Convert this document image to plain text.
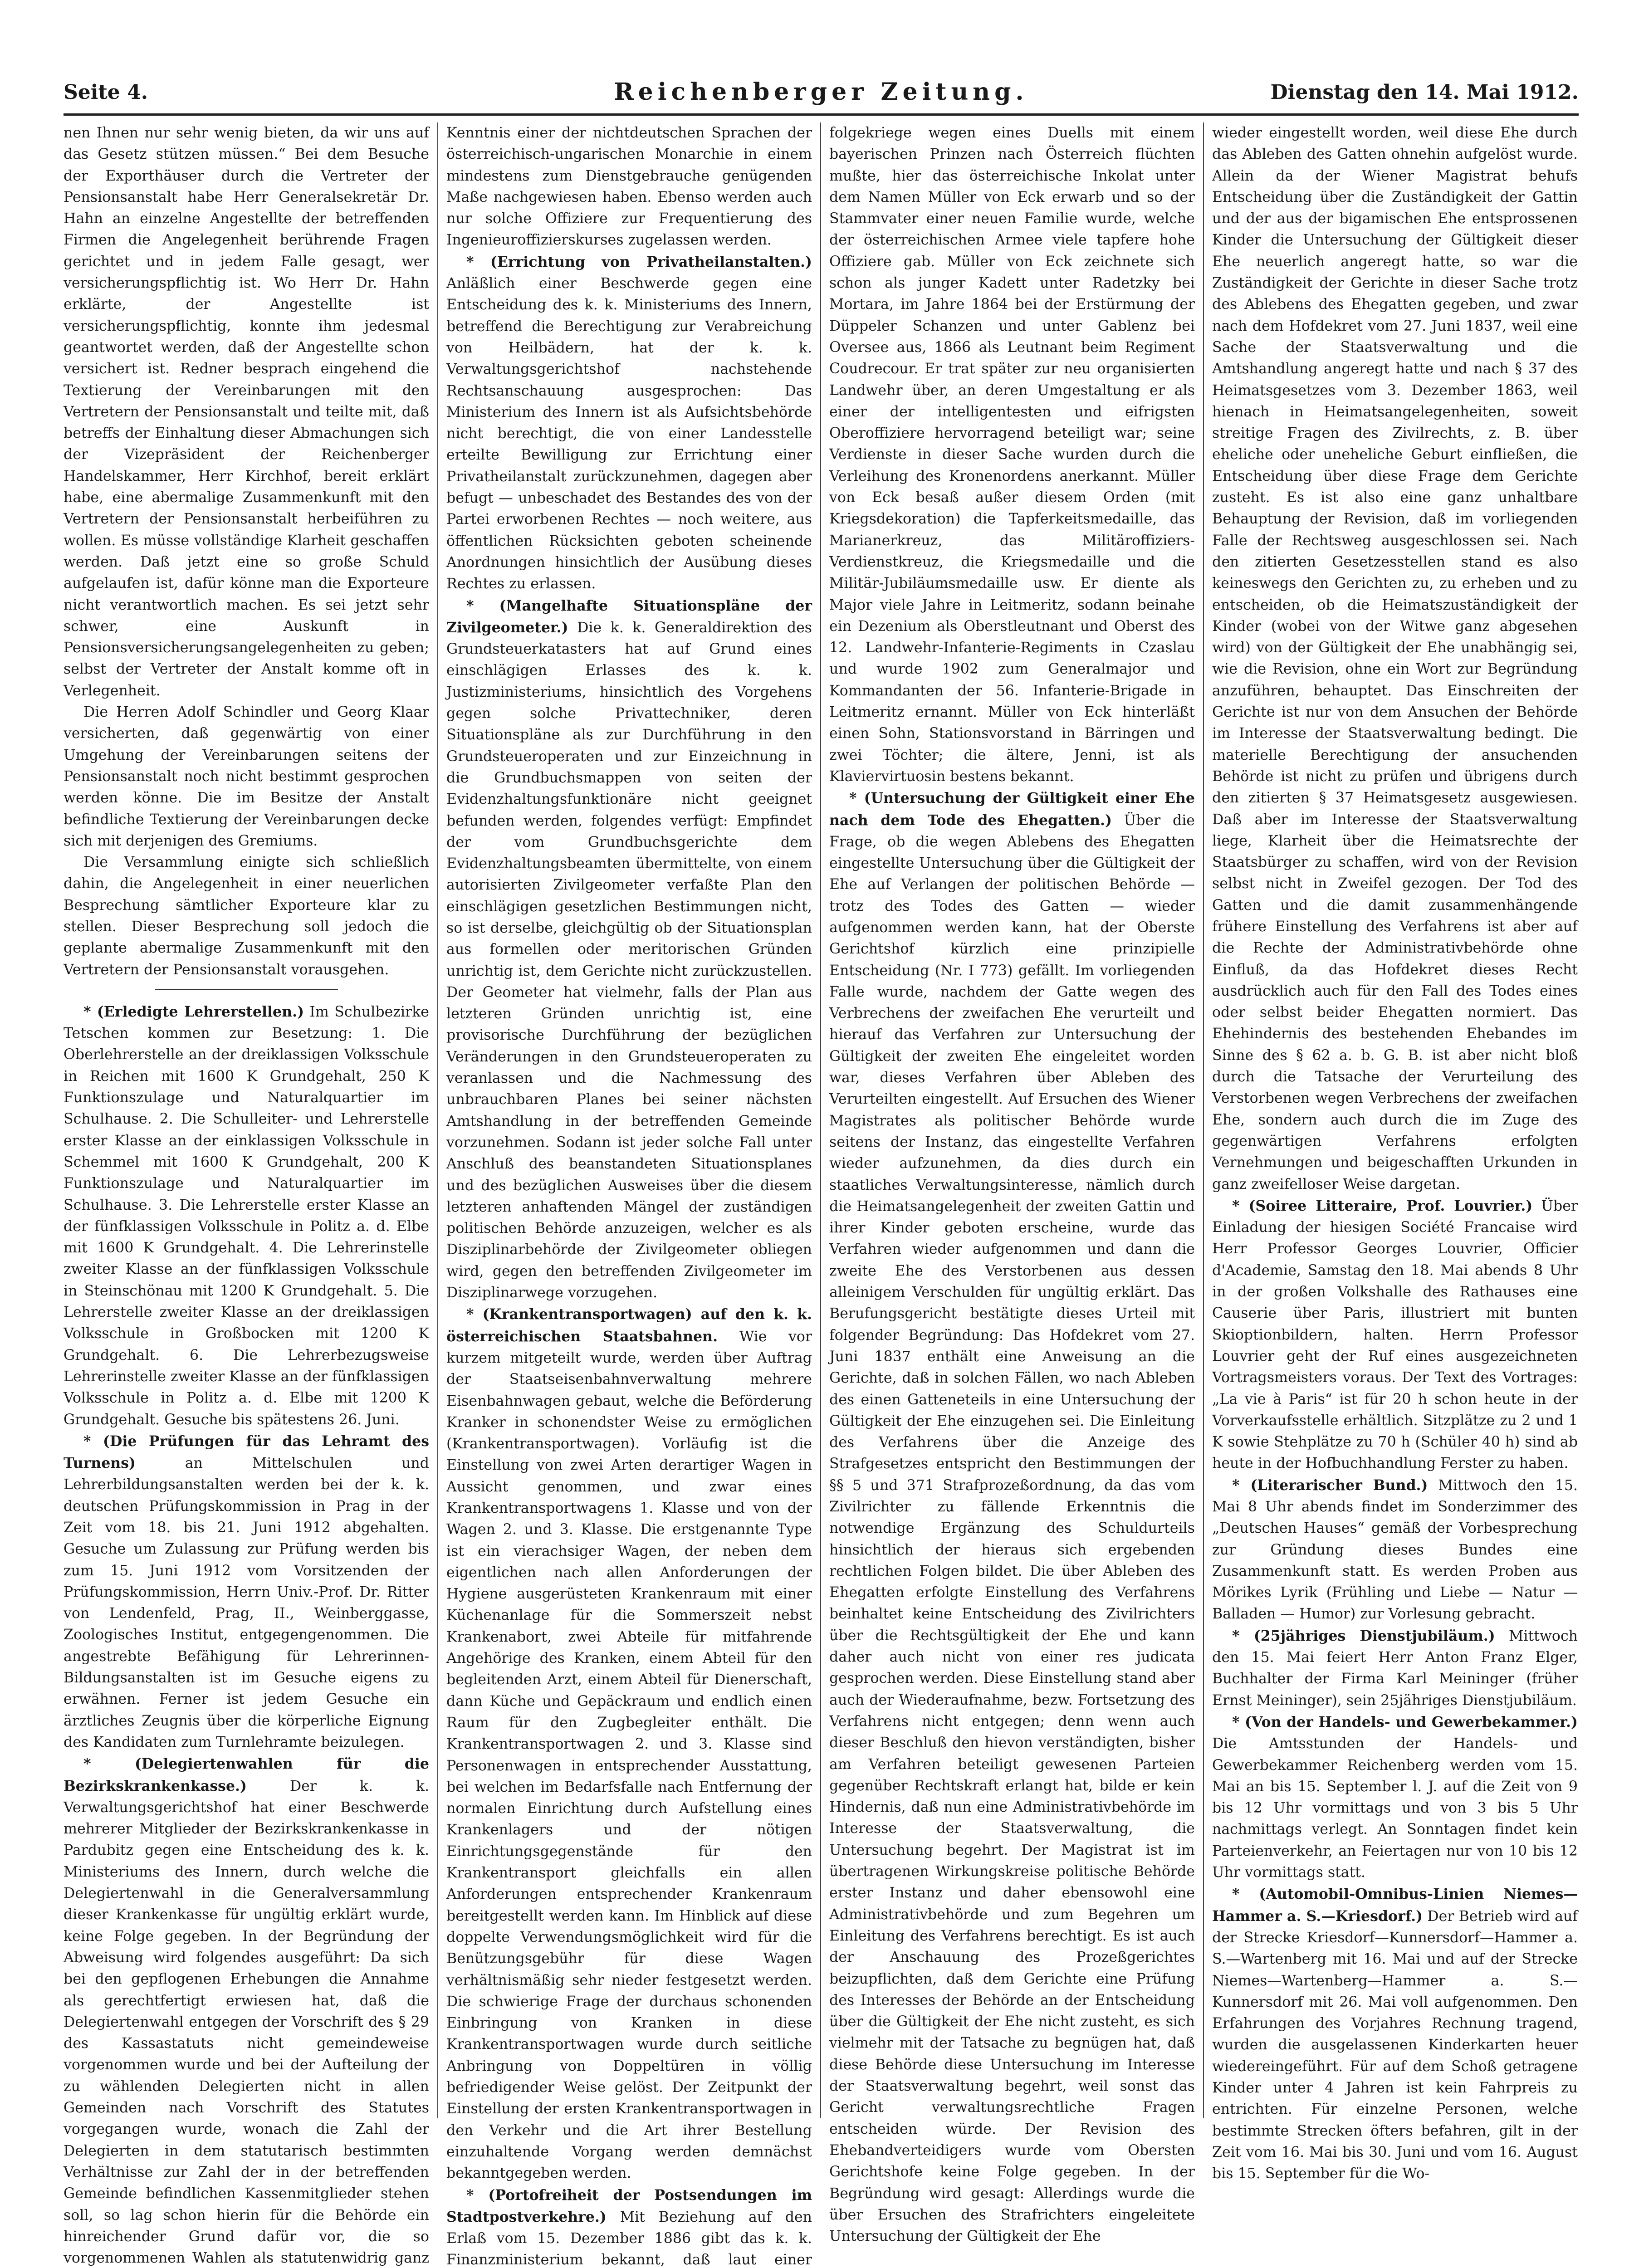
Reichenberger Zeitung.
Seite 4.	Dienstag den 14. Mai 1912.

nen Ihnen nur sehr wenig bieten, da wir uns auf das Gesetz stützen müssen.“ Bei dem Besuche der Exporthäuser durch die Vertreter der Pensionsanstalt habe Herr Generalsekretär Dr. Hahn an einzelne Angestellte der betreffenden Firmen die Angelegenheit berührende Fragen gerichtet und in jedem Falle gesagt, wer versicherungspflichtig ist. Wo Herr Dr. Hahn erklärte, der Angestellte ist versicherungspflichtig, konnte ihm jedesmal geantwortet werden, daß der Angestellte schon versichert ist. Redner besprach eingehend die Textierung der Vereinbarungen mit den Vertretern der Pensionsanstalt und teilte mit, daß betreffs der Einhaltung dieser Abmachungen sich der Vizepräsident der Reichenberger Handelskammer, Herr Kirchhof, bereit erklärt habe, eine abermalige Zusammenkunft mit den Vertretern der Pensionsanstalt herbeiführen zu wollen. Es müsse vollständige Klarheit geschaffen werden. Daß jetzt eine so große Schuld aufgelaufen ist, dafür könne man die Exporteure nicht verantwortlich machen. Es sei jetzt sehr schwer, eine Auskunft in Pensionsversicherungsangelegenheiten zu geben; selbst der Vertreter der Anstalt komme oft in Verlegenheit.

Die Herren Adolf Schindler und Georg Klaar versicherten, daß gegenwärtig von einer Umgehung der Vereinbarungen seitens der Pensionsanstalt noch nicht bestimmt gesprochen werden könne. Die im Besitze der Anstalt befindliche Textierung der Vereinbarungen decke sich mit derjenigen des Gremiums.

Die Versammlung einigte sich schließlich dahin, die Angelegenheit in einer neuerlichen Besprechung sämtlicher Exporteure klar zu stellen. Dieser Besprechung soll jedoch die geplante abermalige Zusammenkunft mit den Vertretern der Pensionsanstalt vorausgehen.

* (Erledigte Lehrerstellen.) Im Schulbezirke Tetschen kommen zur Besetzung: 1. Die Oberlehrerstelle an der dreiklassigen Volksschule in Reichen mit 1600 K Grundgehalt, 250 K Funktionszulage und Naturalquartier im Schulhause. 2. Die Schulleiter- und Lehrerstelle erster Klasse an der einklassigen Volksschule in Schemmel mit 1600 K Grundgehalt, 200 K Funktionszulage und Naturalquartier im Schulhause. 3. Die Lehrerstelle erster Klasse an der fünfklassigen Volksschule in Politz a. d. Elbe mit 1600 K Grundgehalt. 4. Die Lehrerinstelle zweiter Klasse an der fünfklassigen Volksschule in Steinschönau mit 1200 K Grundgehalt. 5. Die Lehrerstelle zweiter Klasse an der dreiklassigen Volksschule in Großbocken mit 1200 K Grundgehalt. 6. Die Lehrerbezugsweise Lehrerinstelle zweiter Klasse an der fünfklassigen Volksschule in Politz a. d. Elbe mit 1200 K Grundgehalt. Gesuche bis spätestens 26. Juni.

* (Die Prüfungen für das Lehramt des Turnens)	an Mittelschulen und Lehrerbildungsanstalten werden bei der k. k. deutschen Prüfungskommission in Prag in der Zeit vom 18. bis 21. Juni 1912 abgehalten. Gesuche um Zulassung zur Prüfung werden bis zum 15. Juni 1912 vom Vorsitzenden der Prüfungskommission, Herrn Univ.-Prof. Dr. Ritter von Lendenfeld, Prag, II., Weinberggasse, Zoologisches Institut, entgegengenommen. Die angestrebte Befähigung für Lehrerinnen-Bildungsanstalten ist im Gesuche eigens zu erwähnen. Ferner ist jedem Gesuche ein ärztliches Zeugnis über die körperliche Eignung des Kandidaten zum Turnlehramte beizulegen.

* (Delegiertenwahlen für die Bezirkskrankenkasse.)	Der k. k. Verwaltungsgerichtshof hat einer Beschwerde mehrerer Mitglieder der Bezirkskrankenkasse in Pardubitz gegen eine Entscheidung des k. k. Ministeriums des Innern, durch welche die Delegiertenwahl in die Generalversammlung dieser Krankenkasse für ungültig erklärt wurde, keine Folge gegeben. In der Begründung der Abweisung wird folgendes ausgeführt: Da sich bei den gepflogenen Erhebungen die Annahme als gerechtfertigt erwiesen hat, daß die Delegiertenwahl entgegen der Vorschrift des § 29 des Kassastatuts nicht gemeindeweise vorgenommen wurde und bei der Aufteilung der zu wählenden Delegierten nicht in allen Gemeinden nach Vorschrift des Statutes vorgegangen wurde, wonach die Zahl der Delegierten in dem statutarisch bestimmten Verhältnisse zur Zahl der in der betreffenden Gemeinde befindlichen Kassenmitglieder stehen soll, so lag schon hierin für die Behörde ein hinreichender Grund dafür vor, die so vorgenommenen Wahlen als statutenwidrig ganz

Kenntnis einer der nichtdeutschen Sprachen der österreichisch-ungarischen Monarchie in einem mindestens zum Dienstgebrauche genügenden Maße nachgewiesen haben. Ebenso werden auch nur solche Offiziere zur Frequentierung des Ingenieuroffizierskurses zugelassen werden.

* (Errichtung von Privatheilanstalten.) Anläßlich einer Beschwerde gegen eine Entscheidung des k. k. Ministeriums des Innern, betreffend die Berechtigung zur Verabreichung von Heilbädern, hat der k. k. Verwaltungsgerichtshof nachstehende Rechtsanschauung ausgesprochen: Das Ministerium des Innern ist als Aufsichtsbehörde nicht berechtigt, die von einer Landesstelle erteilte Bewilligung zur Errichtung einer Privatheilanstalt zurückzunehmen, dagegen aber befugt — unbeschadet des Bestandes des von der Partei erworbenen Rechtes — noch weitere, aus öffentlichen Rücksichten geboten scheinende Anordnungen hinsichtlich der Ausübung dieses Rechtes zu erlassen.

* (Mangelhafte Situationspläne der Zivilgeometer.) Die k. k. Generaldirektion des Grundsteuerkatasters hat auf Grund eines einschlägigen Erlasses des k. k. Justizministeriums, hinsichtlich des Vorgehens gegen solche Privattechniker, deren Situationspläne als zur Durchführung in den Grundsteueroperaten und zur Einzeichnung in die Grundbuchsmappen von seiten der Evidenzhaltungsfunktionäre nicht geeignet befunden werden, folgendes verfügt: Empfindet der vom Grundbuchsgerichte dem Evidenzhaltungsbeamten übermittelte, von einem autorisierten Zivilgeometer verfaßte Plan den einschlägigen gesetzlichen Bestimmungen nicht, so ist derselbe, gleichgültig ob der Situationsplan aus formellen oder meritorischen Gründen unrichtig ist, dem Gerichte nicht zurückzustellen. Der Geometer hat vielmehr, falls der Plan aus letzteren Gründen unrichtig ist, eine provisorische Durchführung der bezüglichen Veränderungen in den Grundsteueroperaten zu veranlassen und die Nachmessung des unbrauchbaren Planes bei seiner nächsten Amtshandlung in der betreffenden Gemeinde vorzunehmen. Sodann ist jeder solche Fall unter Anschluß des beanstandeten Situationsplanes und des bezüglichen Ausweises über die diesem letzteren anhaftenden Mängel der zuständigen politischen Behörde anzuzeigen, welcher es als Disziplinarbehörde der Zivilgeometer obliegen wird, gegen den betreffenden Zivilgeometer im Disziplinarwege vorzugehen.

* (Krankentransportwagen) auf den k. k. österreichischen Staatsbahnen. Wie vor kurzem mitgeteilt wurde, werden über Auftrag der Staatseisenbahnverwaltung mehrere Eisenbahnwagen gebaut, welche die Beförderung Kranker in schonendster Weise zu ermöglichen (Krankentransportwagen). Vorläufig ist die Einstellung von zwei Arten derartiger Wagen in Aussicht genommen, und zwar eines Krankentransportwagens 1. Klasse und von der Wagen 2. und 3. Klasse. Die erstgenannte Type ist ein vierachsiger Wagen, der neben dem eigentlichen nach allen Anforderungen der Hygiene ausgerüsteten Krankenraum mit einer Küchenanlage für die Sommerszeit nebst Krankenabort, zwei Abteile für mitfahrende Angehörige des Kranken, einem Abteil für den begleitenden Arzt, einem Abteil für Dienerschaft, dann Küche und Gepäckraum und endlich einen Raum für den Zugbegleiter enthält. Die Krankentransportwagen 2. und 3. Klasse sind Personenwagen in entsprechender Ausstattung, bei welchen im Bedarfsfalle nach Entfernung der normalen Einrichtung durch Aufstellung eines Krankenlagers und der nötigen Einrichtungsgegenstände für den Krankentransport gleichfalls ein allen Anforderungen entsprechender Krankenraum bereitgestellt werden kann. Im Hinblick auf diese doppelte Verwendungsmöglichkeit wird für die Benützungsgebühr für diese Wagen verhältnismäßig sehr nieder festgesetzt werden. Die schwierige Frage der durchaus schonenden Einbringung von Kranken in diese Krankentransportwagen wurde durch seitliche Anbringung von Doppeltüren in völlig befriedigender Weise gelöst. Der Zeitpunkt der Einstellung der ersten Krankentransportwagen in den Verkehr und die Art ihrer Bestellung einzuhaltende Vorgang werden demnächst bekanntgegeben werden.

* (Portofreiheit der Postsendungen im Stadtpostverkehre.) Mit Beziehung auf den Erlaß vom 15. Dezember 1886 gibt das k. k. Finanzministerium bekannt, daß laut einer

folgekriege wegen eines Duells mit einem bayerischen Prinzen nach Österreich flüchten mußte, hier das österreichische Inkolat unter dem Namen Müller von Eck erwarb und so der Stammvater einer neuen Familie wurde, welche der österreichischen Armee viele tapfere hohe Offiziere gab. Müller von Eck zeichnete sich schon als junger Kadett unter Radetzky bei Mortara, im Jahre 1864 bei der Erstürmung der Düppeler Schanzen und unter Gablenz bei Oversee aus, 1866 als Leutnant beim Regiment Coudrecour. Er trat später zur neu organisierten Landwehr über, an deren Umgestaltung er als einer der intelligentesten und eifrigsten Oberoffiziere hervorragend beteiligt war; seine Verdienste in dieser Sache wurden durch die Verleihung des Kronenordens anerkannt. Müller von Eck besaß außer diesem Orden (mit Kriegsdekoration) die Tapferkeitsmedaille, das Marianerkreuz, das Militäroffiziers-Verdienstkreuz, die Kriegsmedaille und die Militär-Jubiläumsmedaille usw. Er diente als Major viele Jahre in Leitmeritz, sodann beinahe ein Dezenium als Oberstleutnant und Oberst des 12. Landwehr-Infanterie-Regiments in Czaslau und wurde 1902 zum Generalmajor und Kommandanten der 56. Infanterie-Brigade in Leitmeritz ernannt. Müller von Eck hinterläßt einen Sohn, Stationsvorstand in Bärringen und zwei Töchter; die ältere, Jenni, ist als Klaviervirtuosin bestens bekannt.

* (Untersuchung der Gültigkeit einer Ehe nach dem Tode des Ehegatten.) Über die Frage, ob die wegen Ablebens des Ehegatten eingestellte Untersuchung über die Gültigkeit der Ehe auf Verlangen der politischen Behörde — trotz des Todes des Gatten — wieder aufgenommen werden kann, hat der Oberste Gerichtshof kürzlich eine prinzipielle Entscheidung (Nr. I 773) gefällt. Im vorliegenden Falle wurde, nachdem der Gatte wegen des Verbrechens der zweifachen Ehe verurteilt und hierauf das Verfahren zur Untersuchung der Gültigkeit der zweiten Ehe eingeleitet worden war, dieses Verfahren über Ableben des Verurteilten eingestellt. Auf Ersuchen des Wiener Magistrates als politischer Behörde wurde seitens der Instanz, das eingestellte Verfahren wieder aufzunehmen, da dies durch ein staatliches Verwaltungsinteresse, nämlich durch die Heimatsangelegenheit der zweiten Gattin und ihrer Kinder geboten erscheine, wurde das Verfahren wieder aufgenommen und dann die zweite Ehe des Verstorbenen aus dessen alleinigem Verschulden für ungültig erklärt. Das Berufungsgericht bestätigte dieses Urteil mit folgender Begründung: Das Hofdekret vom 27. Juni 1837 enthält eine Anweisung an die Gerichte, daß in solchen Fällen, wo nach Ableben des einen Gatteneteils in eine Untersuchung der Gültigkeit der Ehe einzugehen sei. Die Einleitung des Verfahrens über die Anzeige des Strafgesetzes entspricht den Bestimmungen der §§ 5 und 371 Strafprozeßordnung, da das vom Zivilrichter zu fällende Erkenntnis die notwendige Ergänzung des Schuldurteils hinsichtlich der hieraus sich ergebenden rechtlichen Folgen bildet. Die über Ableben des Ehegatten erfolgte Einstellung des Verfahrens beinhaltet keine Entscheidung des Zivilrichters über die Rechtsgültigkeit der Ehe und kann daher auch nicht von einer res judicata gesprochen werden. Diese Einstellung stand aber auch der Wiederaufnahme, bezw. Fortsetzung des Verfahrens nicht entgegen; denn wenn auch dieser Beschluß den hievon verständigten, bisher am Verfahren beteiligt gewesenen Parteien gegenüber Rechtskraft erlangt hat, bilde er kein Hindernis, daß nun eine Administrativbehörde im Interesse der Staatsverwaltung, die Untersuchung begehrt. Der Magistrat ist im übertragenen Wirkungskreise politische Behörde erster Instanz und daher ebensowohl eine Administrativbehörde und zum Begehren um Einleitung des Verfahrens berechtigt. Es ist auch der Anschauung des Prozeßgerichtes beizupflichten, daß dem Gerichte eine Prüfung des Interesses der Behörde an der Entscheidung über die Gültigkeit der Ehe nicht zusteht, es sich vielmehr mit der Tatsache zu begnügen hat, daß diese Behörde diese Untersuchung im Interesse der Staatsverwaltung begehrt, weil sonst das Gericht verwaltungsrechtliche Fragen entscheiden würde. Der Revision des Ehebandverteidigers wurde vom Obersten Gerichtshofe keine Folge gegeben. In der Begründung wird gesagt: Allerdings wurde die über Ersuchen des Strafrichters eingeleitete Untersuchung der Gültigkeit der Ehe

wieder eingestellt worden, weil diese Ehe durch das Ableben des Gatten ohnehin aufgelöst wurde. Allein da der Wiener Magistrat behufs Entscheidung über die Zuständigkeit der Gattin und der aus der bigamischen Ehe entsprossenen Kinder die Untersuchung der Gültigkeit dieser Ehe neuerlich angeregt hatte, so war die Zuständigkeit der Gerichte in dieser Sache trotz des Ablebens des Ehegatten gegeben, und zwar nach dem Hofdekret vom 27. Juni 1837, weil eine Sache der Staatsverwaltung und die Amtshandlung angeregt hatte und nach § 37 des Heimatsgesetzes vom 3. Dezember 1863, weil hienach in Heimatsangelegenheiten, soweit streitige Fragen des Zivilrechts, z. B. über eheliche oder uneheliche Geburt einfließen, die Entscheidung über diese Frage dem Gerichte zusteht. Es ist also eine ganz unhaltbare Behauptung der Revision, daß im vorliegenden Falle der Rechtsweg ausgeschlossen sei. Nach den zitierten Gesetzesstellen stand es also keineswegs den Gerichten zu, zu erheben und zu entscheiden, ob die Heimatszuständigkeit der Kinder (wobei von der Witwe ganz abgesehen wird) von der Gültigkeit der Ehe unabhängig sei, wie die Revision, ohne ein Wort zur Begründung anzuführen, behauptet. Das Einschreiten der Gerichte ist nur von dem Ansuchen der Behörde im Interesse der Staatsverwaltung bedingt. Die materielle Berechtigung der ansuchenden Behörde ist nicht zu prüfen und übrigens durch den zitierten § 37 Heimatsgesetz ausgewiesen. Daß aber im Interesse der Staatsverwaltung liege, Klarheit über die Heimatsrechte der Staatsbürger zu schaffen, wird von der Revision selbst nicht in Zweifel gezogen. Der Tod des Gatten und die damit zusammenhängende frühere Einstellung des Verfahrens ist aber auf die Rechte der Administrativbehörde ohne Einfluß, da das Hofdekret dieses Recht ausdrücklich auch für den Fall des Todes eines oder selbst beider Ehegatten normiert. Das Ehehindernis des bestehenden Ehebandes im Sinne des § 62 a. b. G. B. ist aber nicht bloß durch die Tatsache der Verurteilung des Verstorbenen wegen Verbrechens der zweifachen Ehe, sondern auch durch die im Zuge des gegenwärtigen Verfahrens erfolgten Vernehmungen und beigeschafften Urkunden in ganz zweifelloser Weise dargetan.

* (Soiree Litteraire, Prof. Louvrier.) Über Einladung der hiesigen Société Francaise wird Herr Professor Georges Louvrier, Officier d'Academie, Samstag den 18. Mai abends 8 Uhr in der großen Volkshalle des Rathauses eine Causerie über Paris, illustriert mit bunten Skioptionbildern, halten. Herrn Professor Louvrier geht der Ruf eines ausgezeichneten Vortragsmeisters voraus. Der Text des Vortrages: „La vie à Paris“ ist für 20 h schon heute in der Vorverkaufsstelle erhältlich. Sitzplätze zu 2 und 1 K sowie Stehplätze zu 70 h (Schüler 40 h) sind ab heute in der Hofbuchhandlung Ferster zu haben.

* (Literarischer Bund.) Mittwoch den 15. Mai 8 Uhr abends findet im Sonderzimmer des „Deutschen Hauses“ gemäß der Vorbesprechung zur Gründung dieses Bundes eine Zusammenkunft statt. Es werden Proben aus Mörikes Lyrik (Frühling und Liebe — Natur — Balladen — Humor) zur Vorlesung gebracht.

* (25jähriges Dienstjubiläum.) Mittwoch den 15. Mai feiert Herr Anton Franz Elger, Buchhalter der Firma Karl Meininger (früher Ernst Meininger), sein 25jähriges Dienstjubiläum.

* (Von der Handels- und Gewerbekammer.) Die Amtsstunden der Handels- und Gewerbekammer Reichenberg werden vom 15. Mai an bis 15. September l. J. auf die Zeit von 9 bis 12 Uhr vormittags und von 3 bis 5 Uhr nachmittags verlegt. An Sonntagen findet kein Parteienverkehr, an Feiertagen nur von 10 bis 12 Uhr vormittags statt.

* (Automobil-Omnibus-Linien Niemes—Hammer a. S.—Kriesdorf.) Der Betrieb wird auf der Strecke Kriesdorf—Kunnersdorf—Hammer a. S.—Wartenberg mit 16. Mai und auf der Strecke Niemes—Wartenberg—Hammer a. S.—Kunnersdorf mit 26. Mai voll aufgenommen. Den Erfahrungen des Vorjahres Rechnung tragend, wurden die ausgelassenen Kinderkarten heuer wiedereingeführt. Für auf dem Schoß getragene Kinder unter 4 Jahren ist kein Fahrpreis zu entrichten. Für einzelne Personen, welche bestimmte Strecken öfters befahren, gilt in der Zeit vom 16. Mai bis 30. Juni und vom 16. August bis 15. September für die Wo-
